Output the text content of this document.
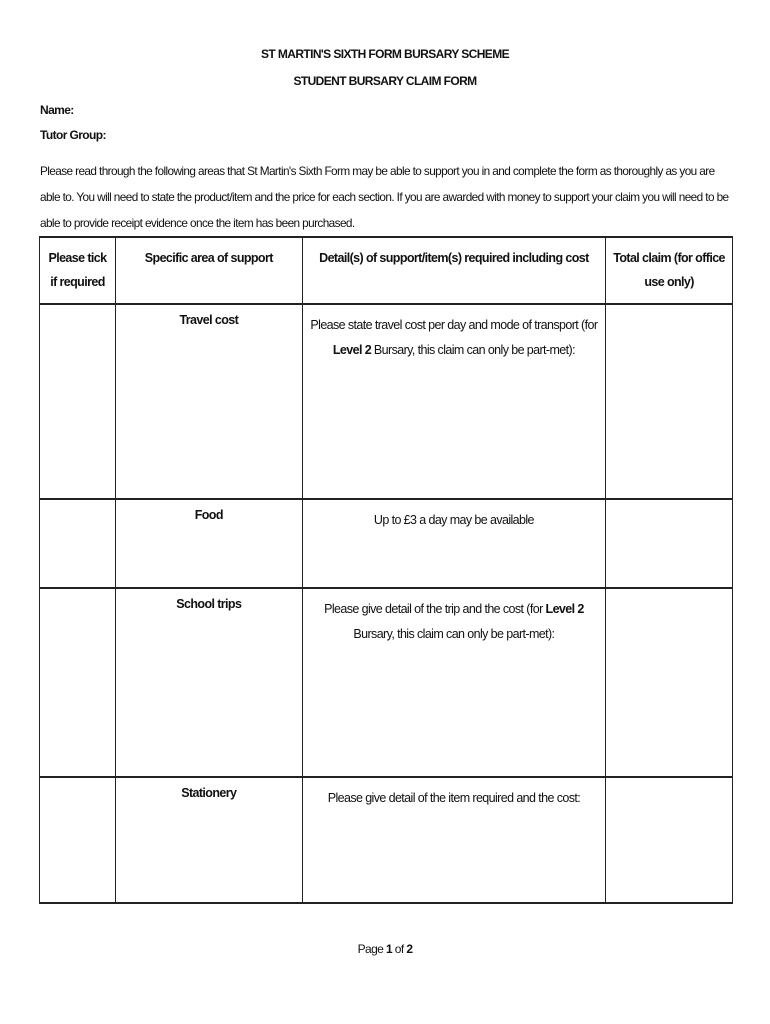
ST MARTIN'S SIXTH FORM BURSARY SCHEME
STUDENT BURSARY CLAIM FORM
Name:
Tutor Group:
Please read through the following areas that St Martin's Sixth Form may be able to support you in and complete the form as thoroughly as you are able to. You will need to state the product/item and the price for each section. If you are awarded with money to support your claim you will need to be able to provide receipt evidence once the item has been purchased.
Please tick if required	Specific area of support	Detail(s) of support/item(s) required including cost	Total claim (for office use only)
	Travel cost	Please state travel cost per day and mode of transport (for Level 2 Bursary, this claim can only be part-met):	
	Food	Up to £3 a day may be available	
	School trips	Please give detail of the trip and the cost (for Level 2 Bursary, this claim can only be part-met):	
	Stationery	Please give detail of the item required and the cost:	
Page 1 of 2
